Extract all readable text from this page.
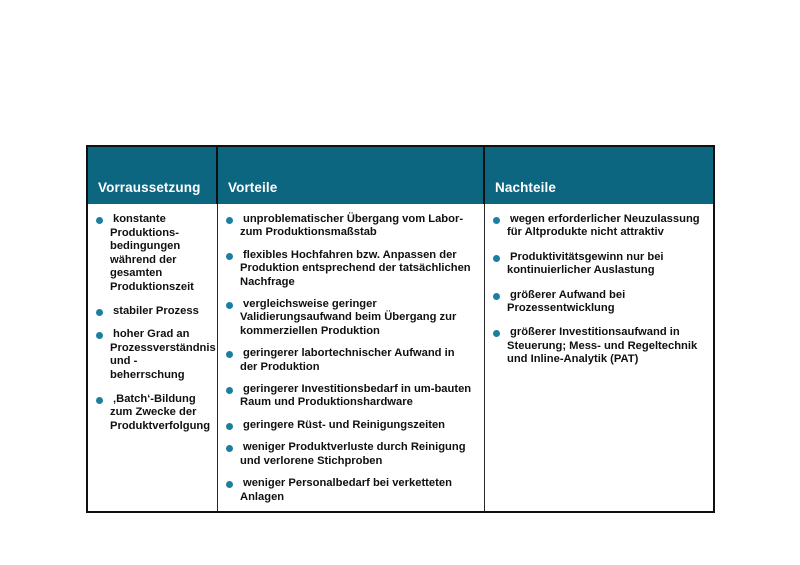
Vorraussetzung	Vorteile	Nachteile
konstante Produktions-bedingungen während der gesamten Produktionszeit
stabiler Prozess
hoher Grad an Prozessverständnis und -beherrschung
‚Batch‘-Bildung zum Zwecke der Produktverfolgung
unproblematischer Übergang vom Labor- zum Produktionsmaßstab
flexibles Hochfahren bzw. Anpassen der Produktion entsprechend der tatsächlichen Nachfrage
vergleichsweise geringer Validierungsaufwand beim Übergang zur kommerziellen Produktion
geringerer labortechnischer Aufwand in der Produktion
geringerer Investitionsbedarf in um-bauten Raum und Produktionshardware
geringere Rüst- und Reinigungszeiten
weniger Produktverluste durch Reinigung und verlorene Stichproben
weniger Personalbedarf bei verketteten Anlagen
wegen erforderlicher Neuzulassung für Altprodukte nicht attraktiv
Produktivitätsgewinn nur bei kontinuierlicher Auslastung
größerer Aufwand bei Prozessentwicklung
größerer Investitionsaufwand in Steuerung; Mess- und Regeltechnik und Inline-Analytik (PAT)
